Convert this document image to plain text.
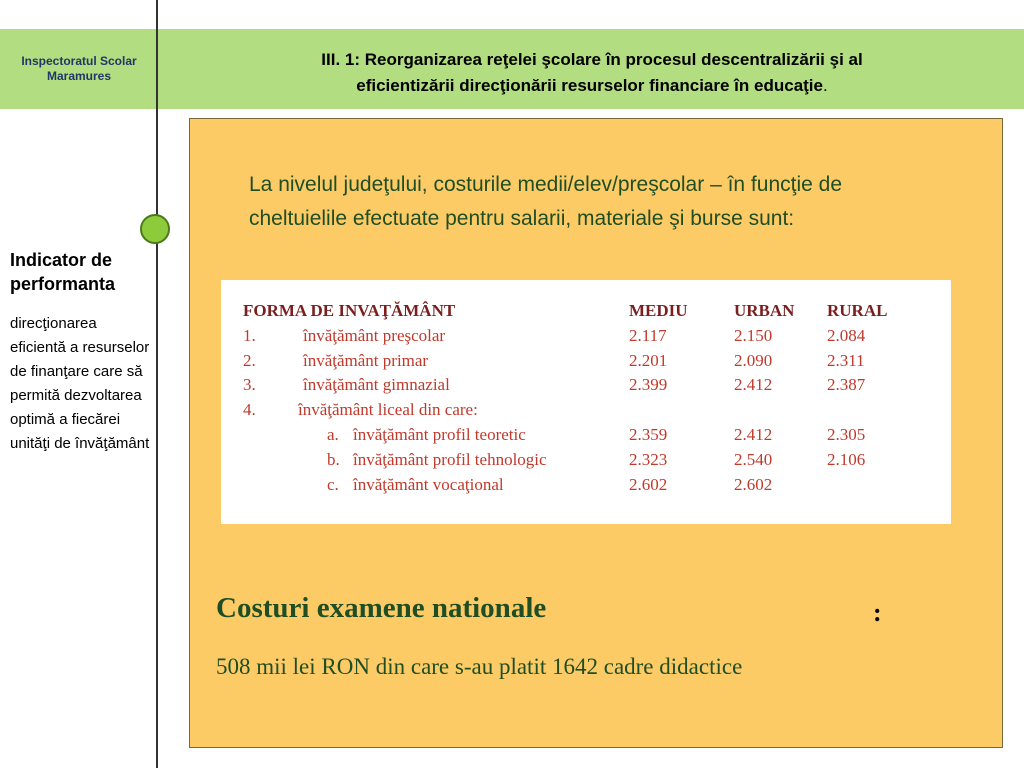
Inspectoratul Scolar Maramures
III. 1: Reorganizarea reţelei şcolare în procesul descentralizării şi al
eficientizării direcţionării resurselor financiare în educaţie.
Indicator de performanta
direcţionarea eficientă a resurselor de finanţare care să permită dezvoltarea optimă a fiecărei unităţi de învăţământ
La nivelul judeţului, costurile medii/elev/preşcolar – în funcţie de cheltuielile efectuate pentru salarii, materiale şi burse sunt:
FORMA DE INVAŢĂMÂNT	MEDIU	URBAN RURAL
1.	învăţământ preşcolar	2.117	2.150	2.084
2.	învăţământ primar	2.201	2.090	2.311
3.	învăţământ gimnazial	2.399	2.412	2.387
4. învăţământ liceal din care:
a. învăţământ profil teoretic	2.359	2.412	2.305
b. învăţământ profil tehnologic	2.323	2.540	2.106
c. învăţământ vocaţional	2.602	2.602
Costuri examene nationale	:
508 mii lei RON din care s-au platit 1642 cadre didactice
